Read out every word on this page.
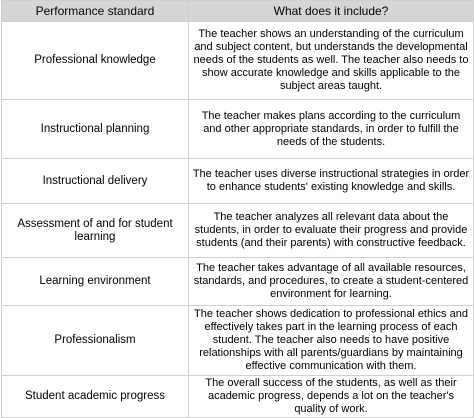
Performance standard	What does it include?
Professional knowledge	The teacher shows an understanding of the curriculum and subject content, but understands the developmental needs of the students as well. The teacher also needs to show accurate knowledge and skills applicable to the subject areas taught.
Instructional planning	The teacher makes plans according to the curriculum and other appropriate standards, in order to fulfill the needs of the students.
Instructional delivery	The teacher uses diverse instructional strategies in order to enhance students' existing knowledge and skills.
Assessment of and for student learning	The teacher analyzes all relevant data about the students, in order to evaluate their progress and provide students (and their parents) with constructive feedback.
Learning environment	The teacher takes advantage of all available resources, standards, and procedures, to create a student-centered environment for learning.
Professionalism	The teacher shows dedication to professional ethics and effectively takes part in the learning process of each student. The teacher also needs to have positive relationships with all parents/guardians by maintaining effective communication with them.
Student academic progress	The overall success of the students, as well as their academic progress, depends a lot on the teacher's quality of work.
